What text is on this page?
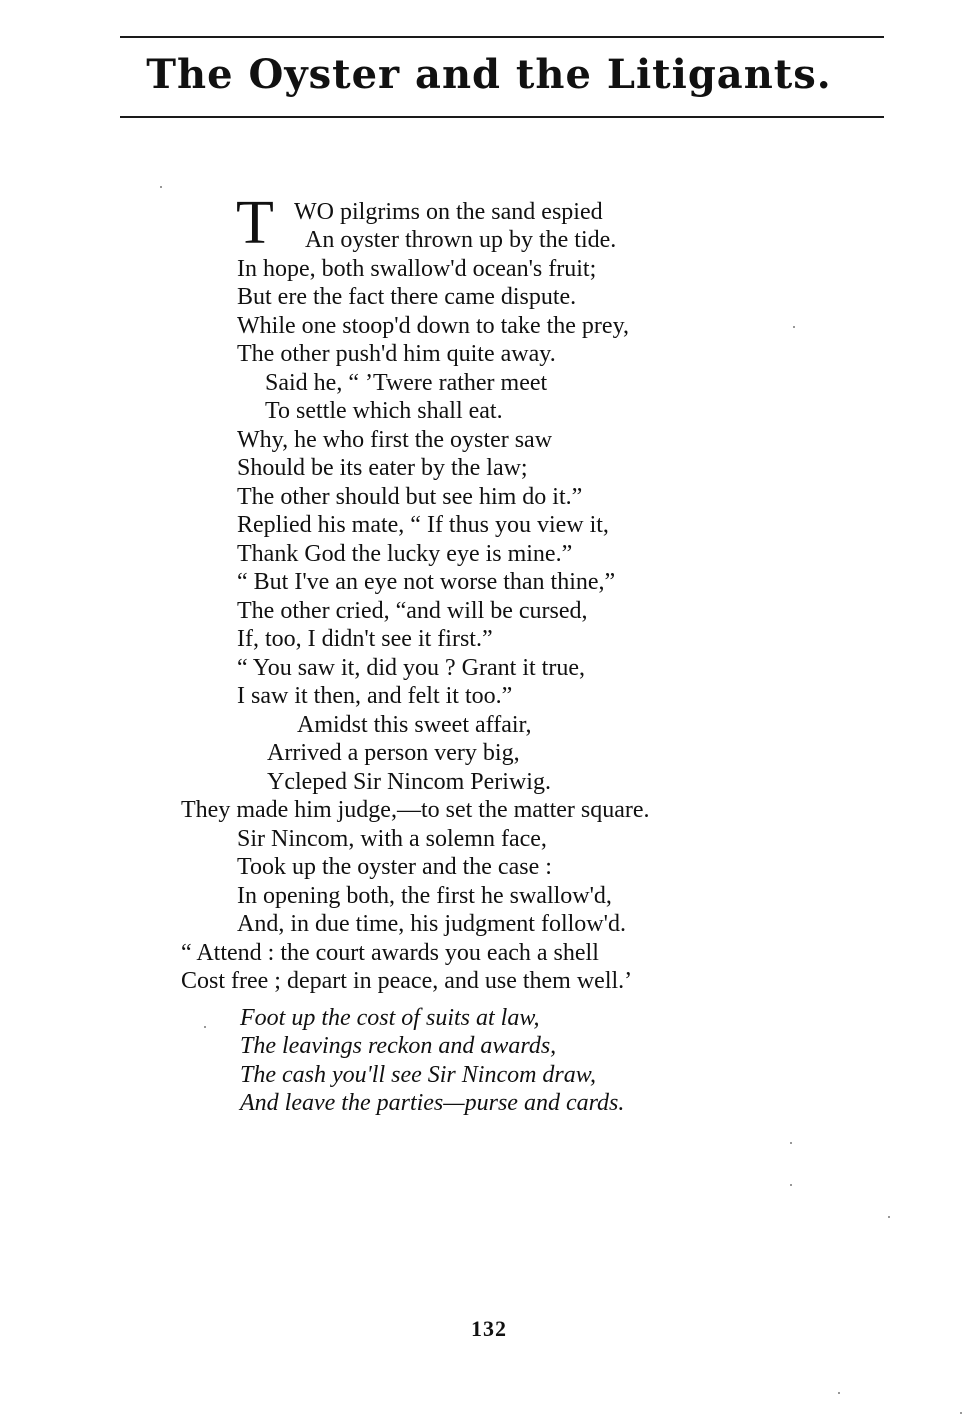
The Oyster and the Litigants.
T WO pilgrims on the sand espied
An oyster thrown up by the tide.
In hope, both swallow'd ocean's fruit;
But ere the fact there came dispute.
While one stoop'd down to take the prey,
The other push'd him quite away.
Said he, “ ’Twere rather meet
To settle which shall eat.
Why, he who first the oyster saw
Should be its eater by the law;
The other should but see him do it.”
Replied his mate, “ If thus you view it,
Thank God the lucky eye is mine.”
“ But I've an eye not worse than thine,”
The other cried, “and will be cursed,
If, too, I didn't see it first.”
“ You saw it, did you ? Grant it true,
I saw it then, and felt it too.”
Amidst this sweet affair,
Arrived a person very big,
Ycleped Sir Nincom Periwig.
They made him judge,—to set the matter square.
Sir Nincom, with a solemn face,
Took up the oyster and the case :
In opening both, the first he swallow'd,
And, in due time, his judgment follow'd.
“ Attend : the court awards you each a shell
Cost free ; depart in peace, and use them well.’
Foot up the cost of suits at law,
The leavings reckon and awards,
The cash you'll see Sir Nincom draw,
And leave the parties—purse and cards.
132
